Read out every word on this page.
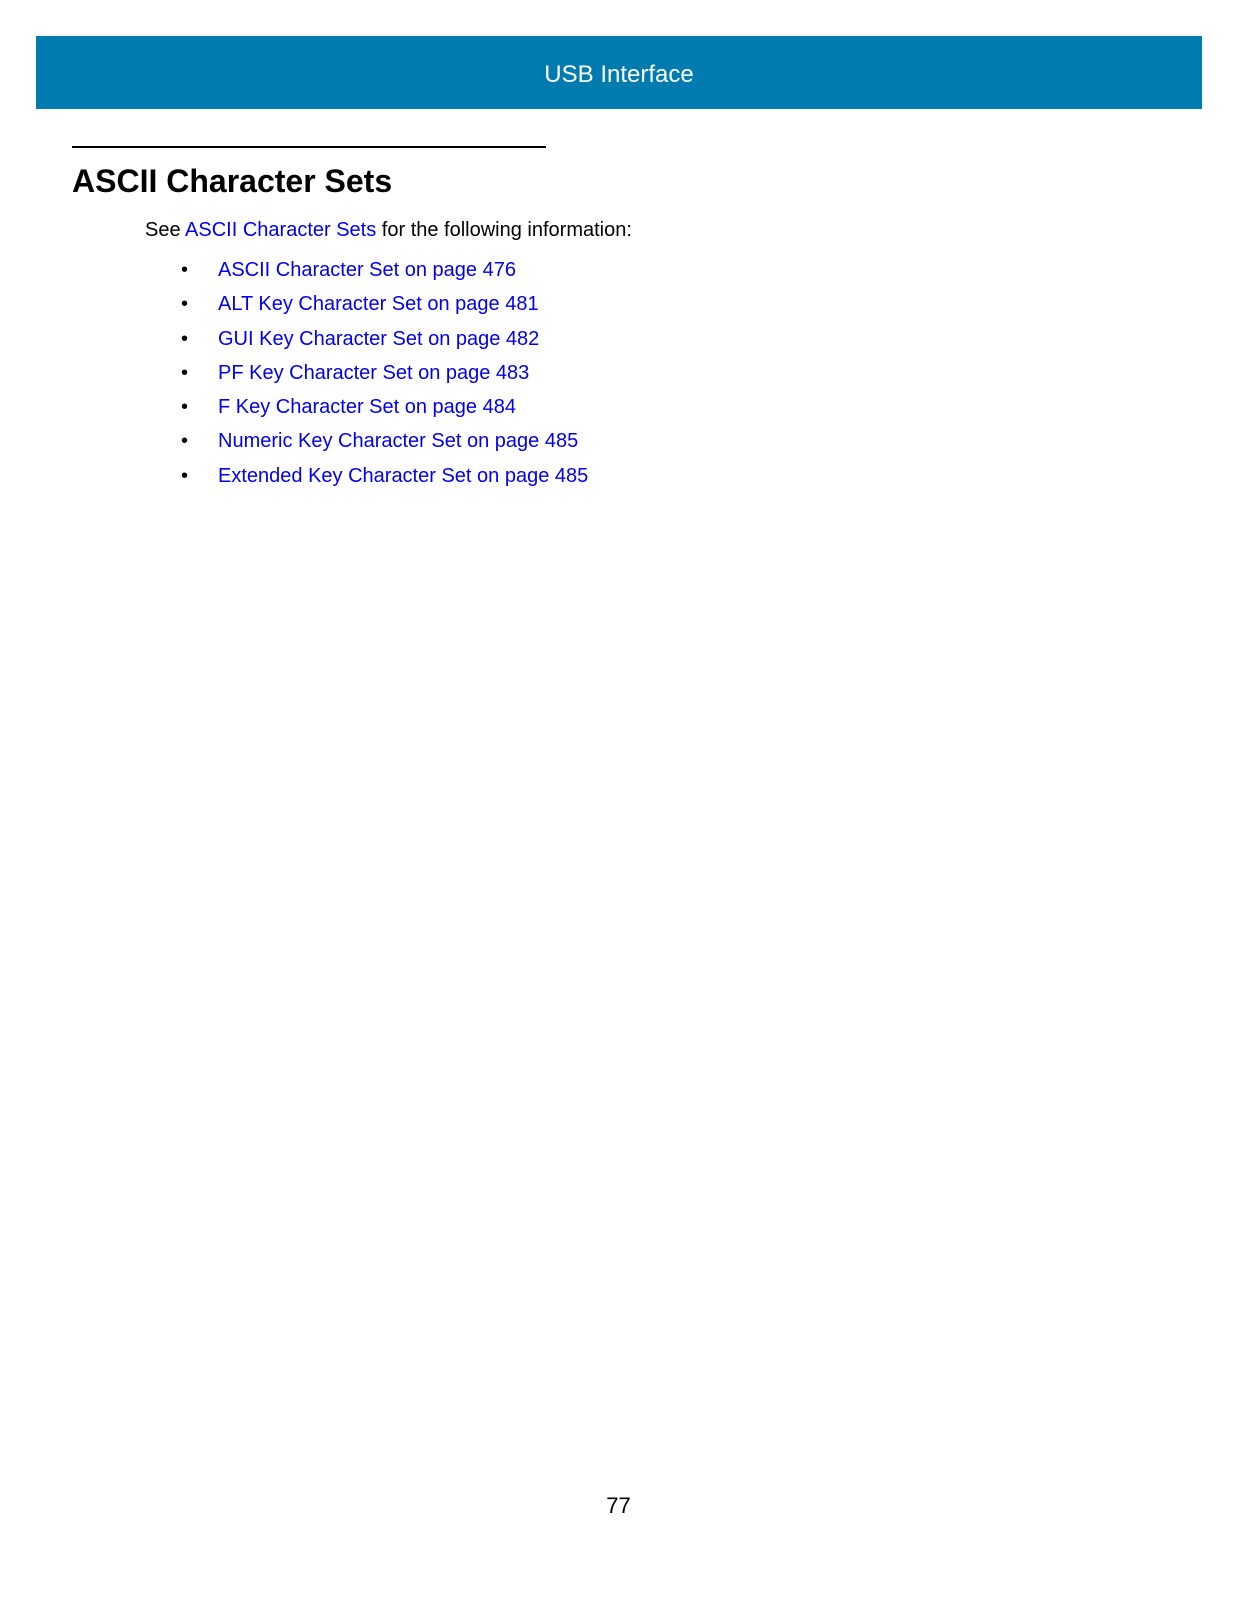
USB Interface
ASCII Character Sets

See ASCII Character Sets for the following information:

• ASCII Character Set on page 476
• ALT Key Character Set on page 481
• GUI Key Character Set on page 482
• PF Key Character Set on page 483
• F Key Character Set on page 484
• Numeric Key Character Set on page 485
• Extended Key Character Set on page 485
77
